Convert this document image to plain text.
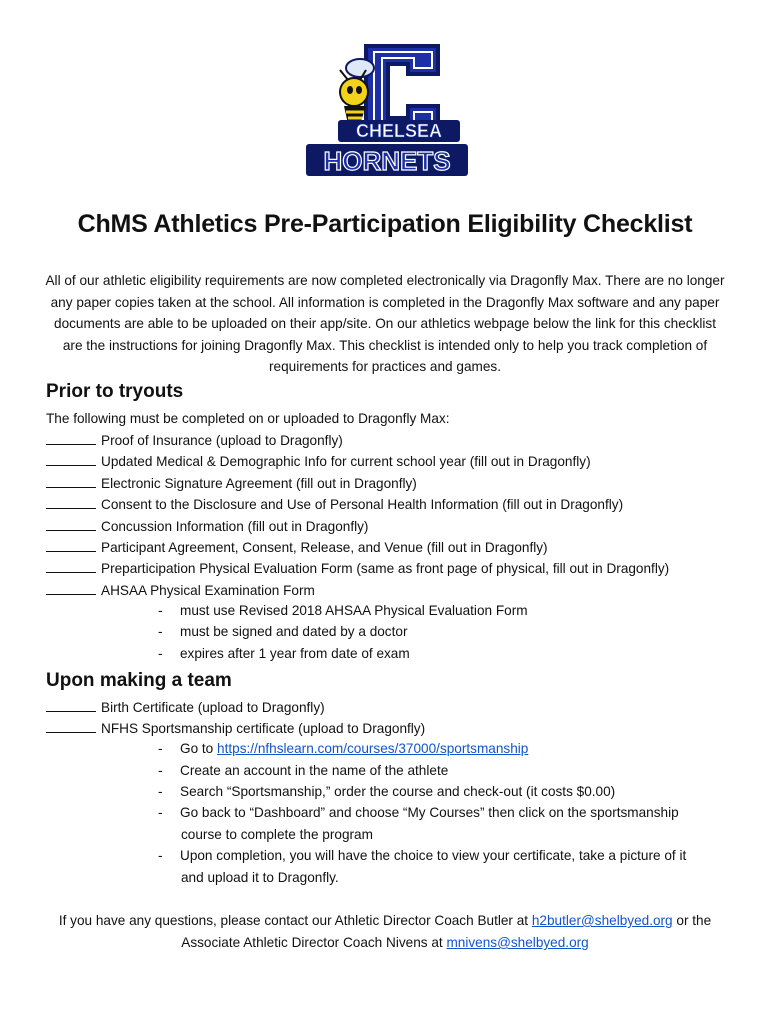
CHELSEA
HORNETS
ChMS Athletics Pre-Participation Eligibility Checklist
All of our athletic eligibility requirements are now completed electronically via Dragonfly Max. There are no longer any paper copies taken at the school. All information is completed in the Dragonfly Max software and any paper documents are able to be uploaded on their app/site. On our athletics webpage below the link for this checklist are the instructions for joining Dragonfly Max. This checklist is intended only to help you track completion of requirements for practices and games.
Prior to tryouts
The following must be completed on or uploaded to Dragonfly Max:
Proof of Insurance (upload to Dragonfly)
Updated Medical & Demographic Info for current school year (fill out in Dragonfly)
Electronic Signature Agreement (fill out in Dragonfly)
Consent to the Disclosure and Use of Personal Health Information (fill out in Dragonfly)
Concussion Information (fill out in Dragonfly)
Participant Agreement, Consent, Release, and Venue (fill out in Dragonfly)
Preparticipation Physical Evaluation Form (same as front page of physical, fill out in Dragonfly)
AHSAA Physical Examination Form
- must use Revised 2018 AHSAA Physical Evaluation Form
- must be signed and dated by a doctor
- expires after 1 year from date of exam
Upon making a team
Birth Certificate (upload to Dragonfly)
NFHS Sportsmanship certificate (upload to Dragonfly)
- Go to https://nfhslearn.com/courses/37000/sportsmanship
- Create an account in the name of the athlete
- Search “Sportsmanship,” order the course and check-out (it costs $0.00)
- Go back to “Dashboard” and choose “My Courses” then click on the sportsmanship
course to complete the program
- Upon completion, you will have the choice to view your certificate, take a picture of it
and upload it to Dragonfly.
If you have any questions, please contact our Athletic Director Coach Butler at h2butler@shelbyed.org or the
Associate Athletic Director Coach Nivens at mnivens@shelbyed.org
